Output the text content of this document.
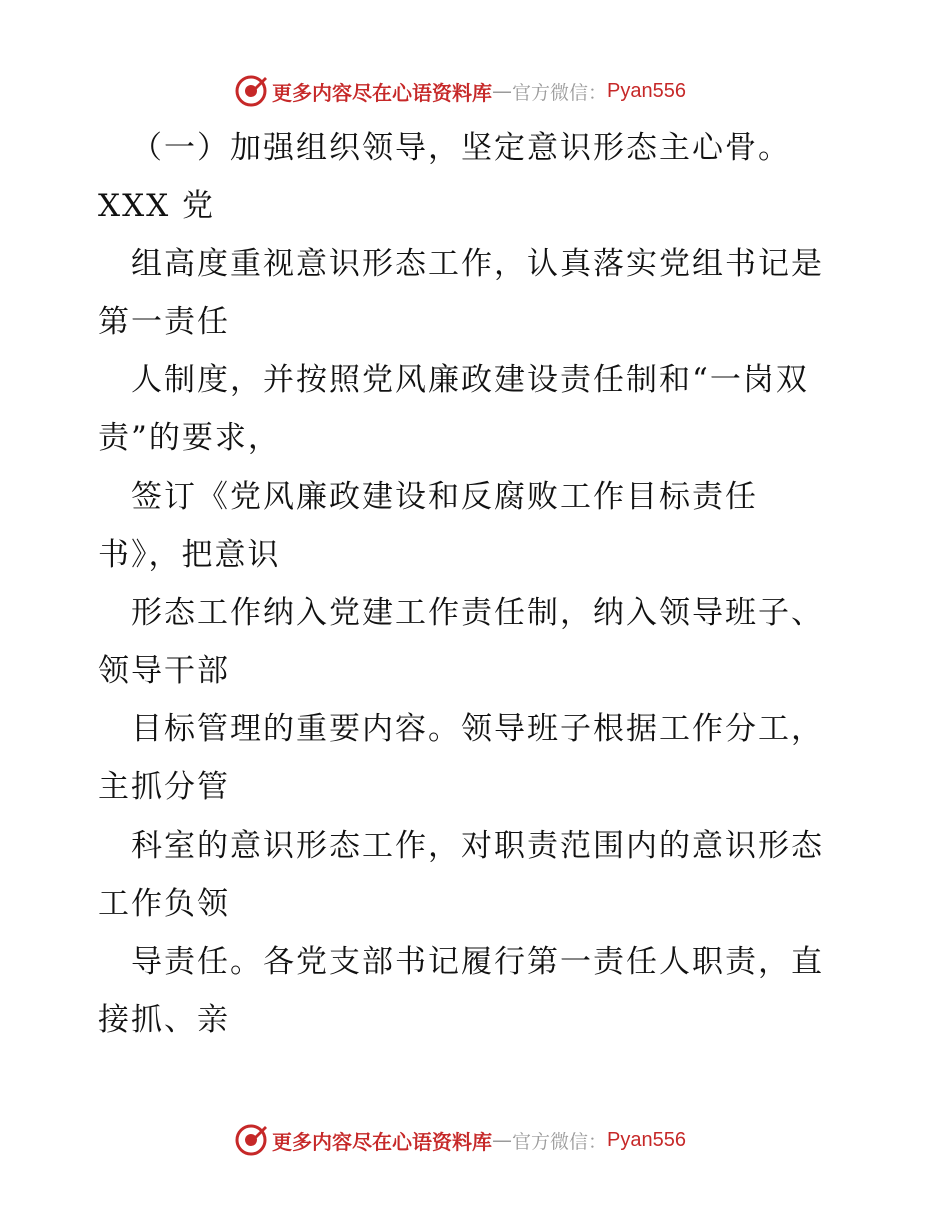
更多内容尽在心语资料库 — 官方微信： Pyan556
（一）加强组织领导，坚定意识形态主心骨。
XXX 党
组高度重视意识形态工作，认真落实党组书记是
第一责任
人制度，并按照党风廉政建设责任制和“一岗双
责”的要求，
签订《党风廉政建设和反腐败工作目标责任
书》，把意识
形态工作纳入党建工作责任制，纳入领导班子、
领导干部
目标管理的重要内容。领导班子根据工作分工，
主抓分管
科室的意识形态工作，对职责范围内的意识形态
工作负领
导责任。各党支部书记履行第一责任人职责，直
接抓、亲
更多内容尽在心语资料库 — 官方微信： Pyan556
